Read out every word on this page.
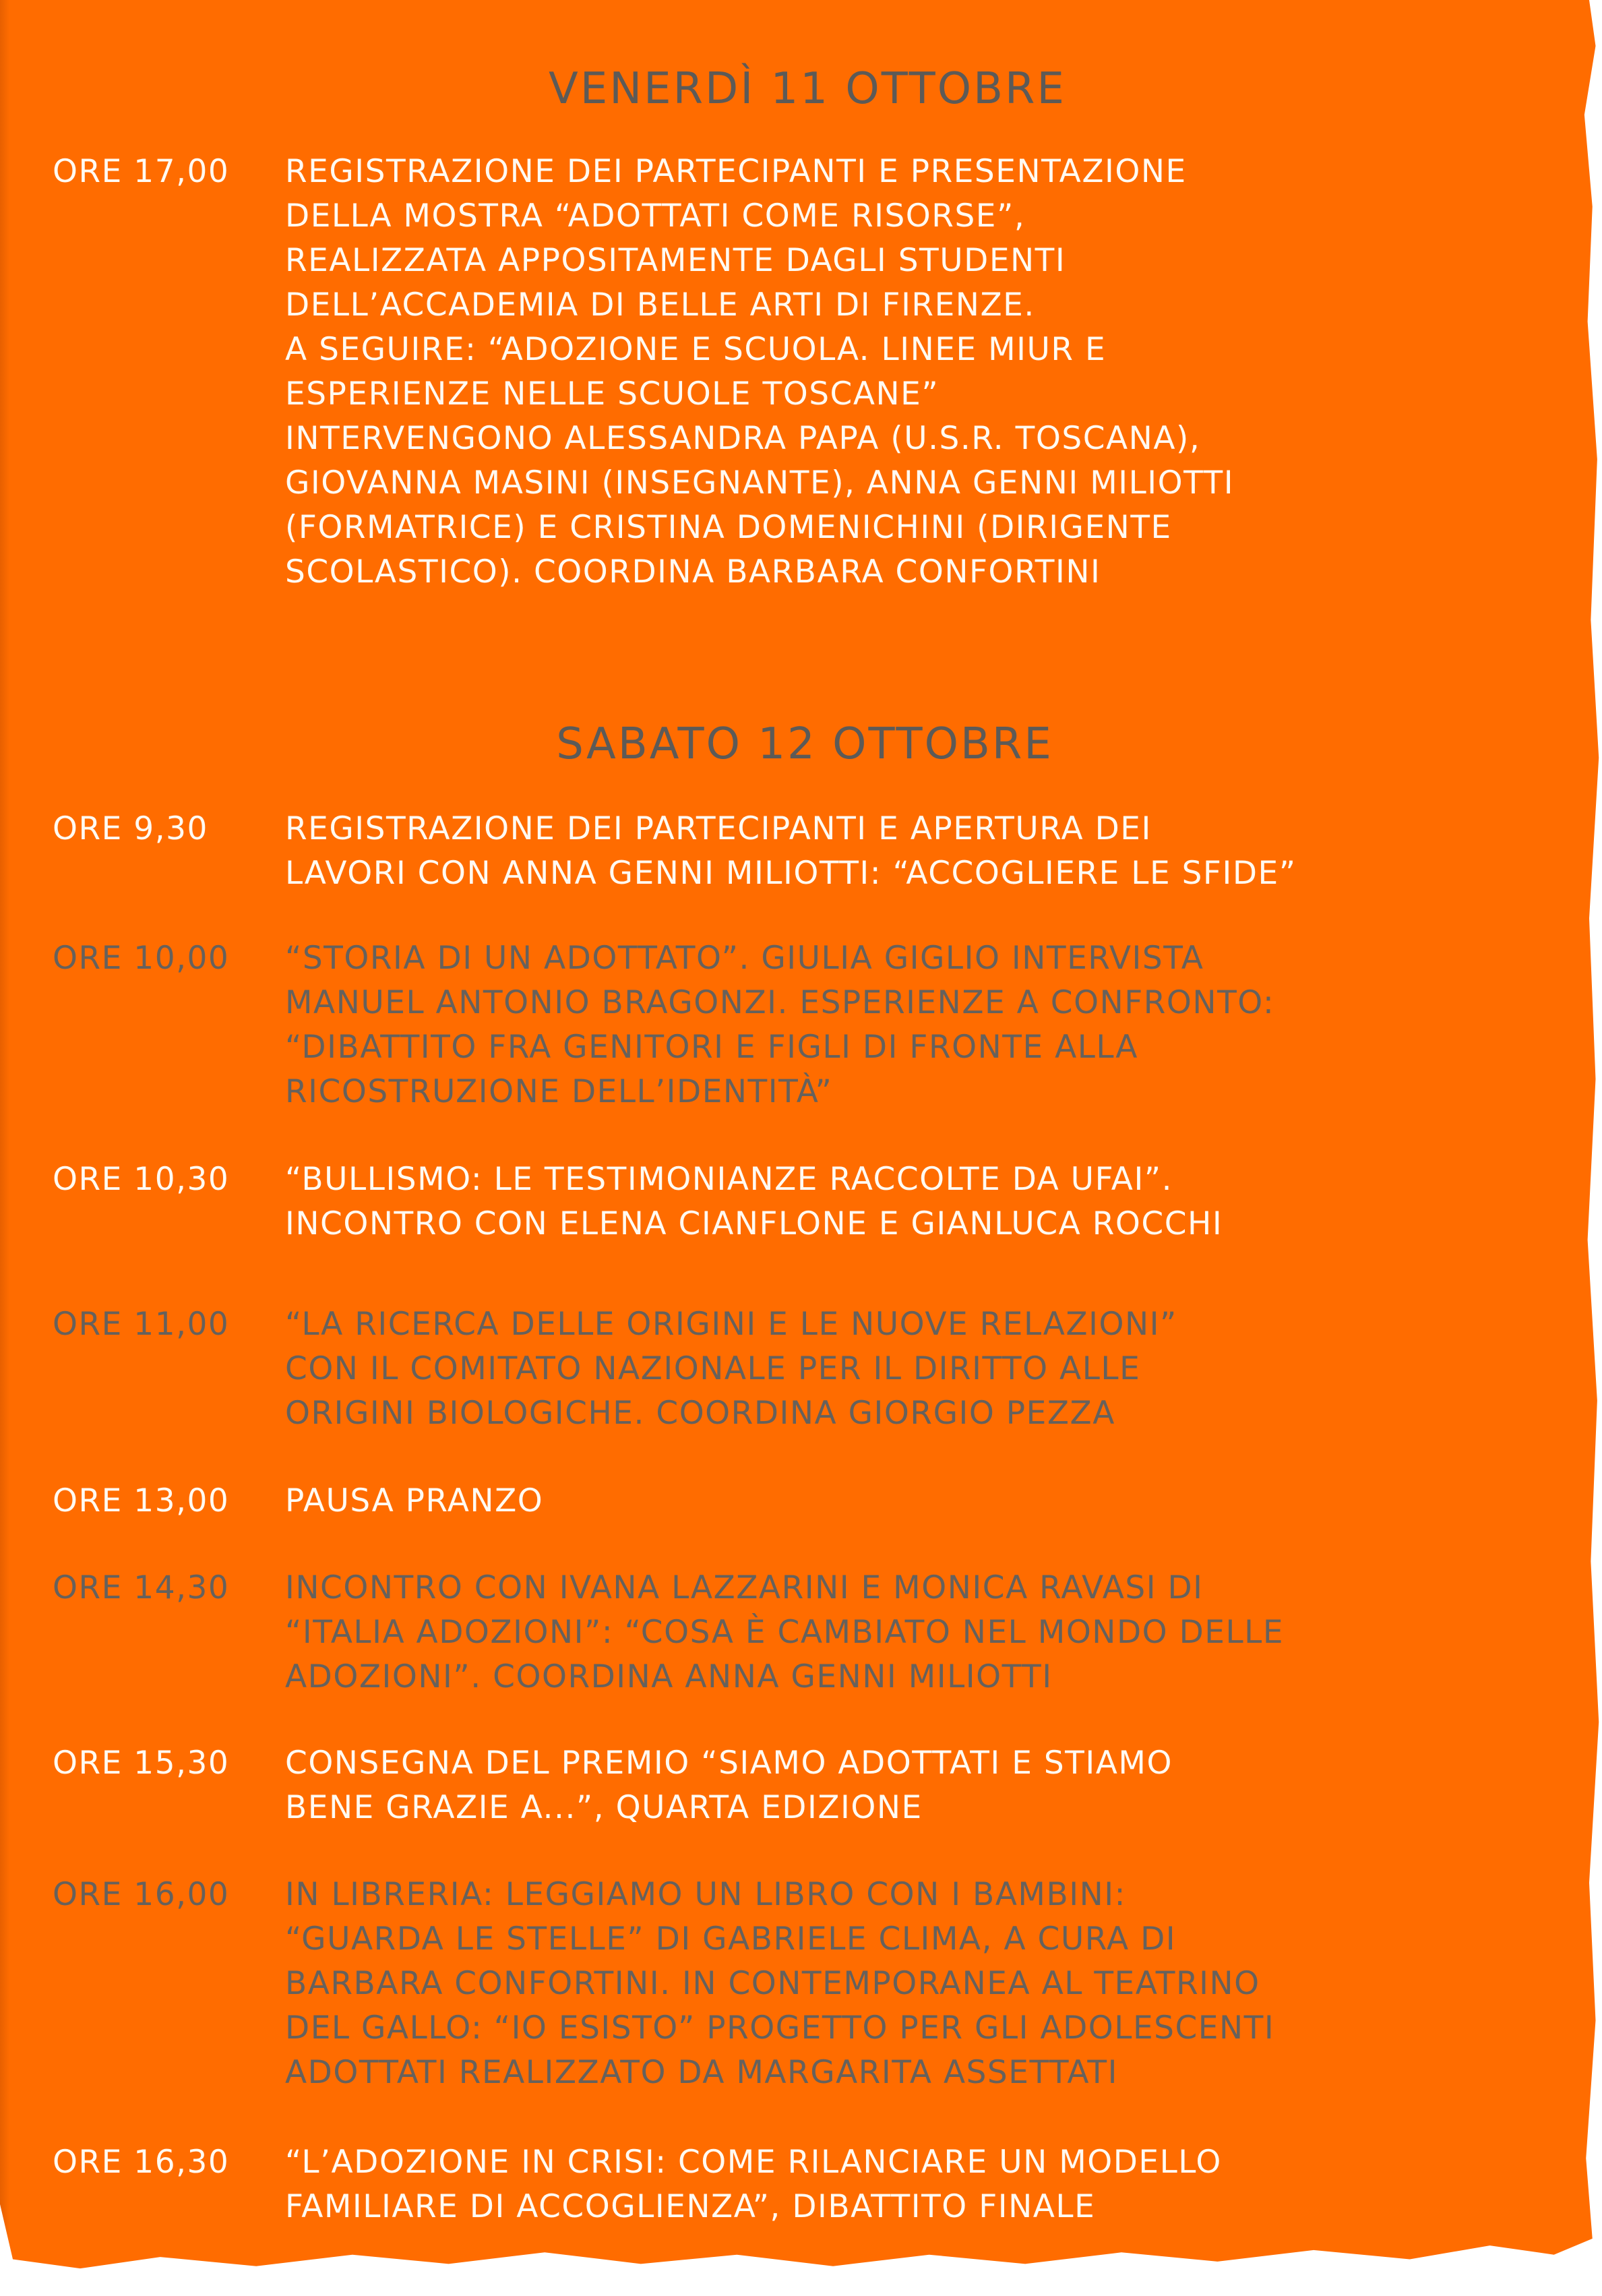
VENERDÌ 11 OTTOBRE
ORE 17,00	REGISTRAZIONE DEI PARTECIPANTI E PRESENTAZIONE
DELLA MOSTRA “ADOTTATI COME RISORSE”,
REALIZZATA APPOSITAMENTE DAGLI STUDENTI
DELL’ACCADEMIA DI BELLE ARTI DI FIRENZE.
A SEGUIRE: “ADOZIONE E SCUOLA. LINEE MIUR E
ESPERIENZE NELLE SCUOLE TOSCANE”
INTERVENGONO ALESSANDRA PAPA (U.S.R. TOSCANA),
GIOVANNA MASINI (INSEGNANTE), ANNA GENNI MILIOTTI
(FORMATRICE) E CRISTINA DOMENICHINI (DIRIGENTE
SCOLASTICO). COORDINA BARBARA CONFORTINI
SABATO 12 OTTOBRE
ORE 9,30	REGISTRAZIONE DEI PARTECIPANTI E APERTURA DEI
LAVORI CON ANNA GENNI MILIOTTI: “ACCOGLIERE LE SFIDE”
ORE 10,00	“STORIA DI UN ADOTTATO”. GIULIA GIGLIO INTERVISTA
MANUEL ANTONIO BRAGONZI. ESPERIENZE A CONFRONTO:
“DIBATTITO FRA GENITORI E FIGLI DI FRONTE ALLA
RICOSTRUZIONE DELL’IDENTITÀ”
ORE 10,30	“BULLISMO: LE TESTIMONIANZE RACCOLTE DA UFAI”.
INCONTRO CON ELENA CIANFLONE E GIANLUCA ROCCHI
ORE 11,00	“LA RICERCA DELLE ORIGINI E LE NUOVE RELAZIONI”
CON IL COMITATO NAZIONALE PER IL DIRITTO ALLE
ORIGINI BIOLOGICHE. COORDINA GIORGIO PEZZA
ORE 13,00	PAUSA PRANZO
ORE 14,30	INCONTRO CON IVANA LAZZARINI E MONICA RAVASI DI
“ITALIA ADOZIONI”: “COSA È CAMBIATO NEL MONDO DELLE
ADOZIONI”. COORDINA ANNA GENNI MILIOTTI
ORE 15,30	CONSEGNA DEL PREMIO “SIAMO ADOTTATI E STIAMO
BENE GRAZIE A...”, QUARTA EDIZIONE
ORE 16,00	IN LIBRERIA: LEGGIAMO UN LIBRO CON I BAMBINI:
“GUARDA LE STELLE” DI GABRIELE CLIMA, A CURA DI
BARBARA CONFORTINI. IN CONTEMPORANEA AL TEATRINO
DEL GALLO: “IO ESISTO” PROGETTO PER GLI ADOLESCENTI
ADOTTATI REALIZZATO DA MARGARITA ASSETTATI
ORE 16,30	“L’ADOZIONE IN CRISI: COME RILANCIARE UN MODELLO
FAMILIARE DI ACCOGLIENZA”, DIBATTITO FINALE
